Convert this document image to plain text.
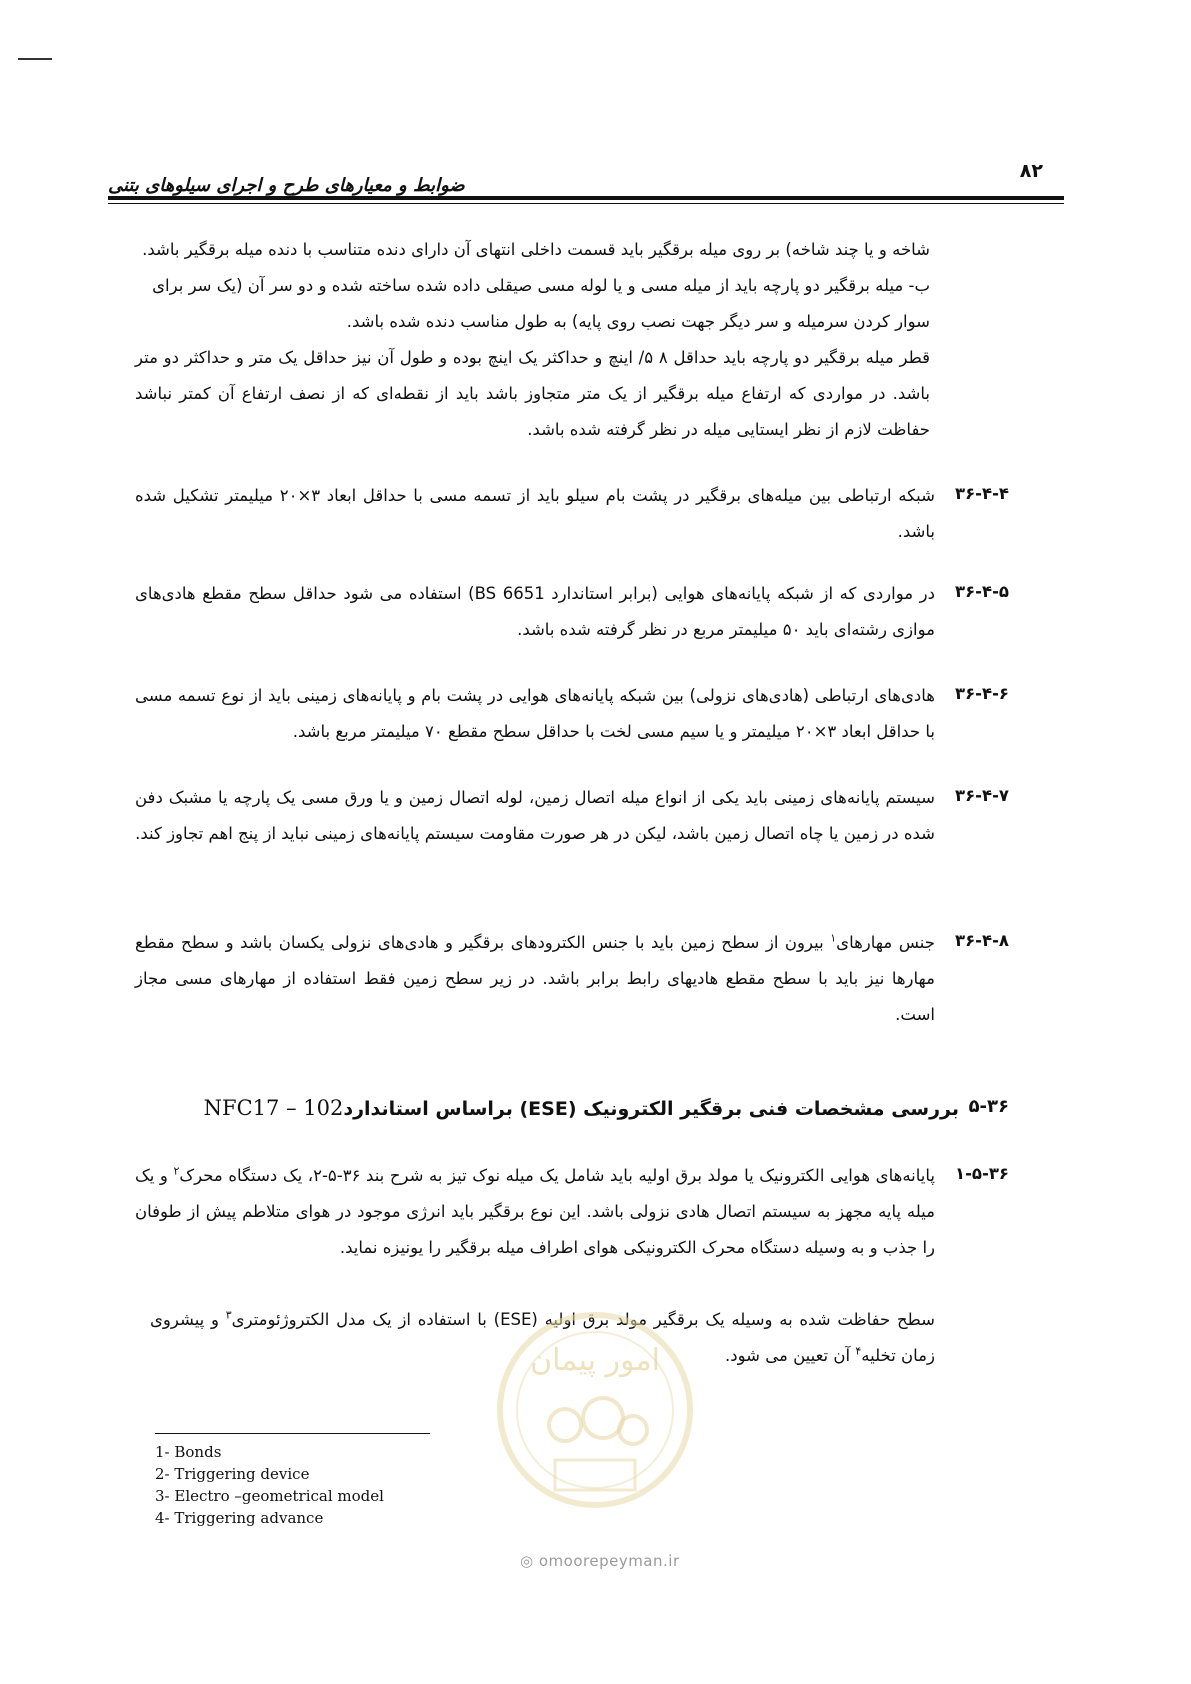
۸۲
ضوابط و معیارهای طرح و اجرای سیلوهای بتنی
شاخه و یا چند شاخه) بر روی میله برقگیر باید قسمت داخلی انتهای آن دارای دنده متناسب با دنده میله برقگیر باشد.
ب- میله برقگیر دو پارچه باید از میله مسی و یا لوله مسی صیقلی داده شده ساخته شده و دو سر آن (یک سر برای
سوار کردن سرمیله و سر دیگر جهت نصب روی پایه) به طول مناسب دنده شده باشد.
قطر میله برقگیر دو پارچه باید حداقل ۸ ۵/ اینچ و حداکثر یک اینچ بوده و طول آن نیز حداقل یک متر و حداکثر دو متر باشد. در مواردی که ارتفاع میله برقگیر از یک متر متجاوز باشد باید از نقطه‌ای که از نصف ارتفاع آن کمتر نباشد حفاظت لازم از نظر ایستایی میله در نظر گرفته شده باشد.
۳۶-۴-۴
شبکه ارتباطی بین میله‌های برقگیر در پشت بام سیلو باید از تسمه مسی با حداقل ابعاد ۳×۲۰ میلیمتر تشکیل شده باشد.
۳۶-۴-۵
در مواردی که از شبکه پایانه‌های هوایی (برابر استاندارد BS 6651) استفاده می شود حداقل سطح مقطع هادی‌های موازی رشته‌ای باید ۵۰ میلیمتر مربع در نظر گرفته شده باشد.
۳۶-۴-۶
هادی‌های ارتباطی (هادی‌های نزولی) بین شبکه پایانه‌های هوایی در پشت بام و پایانه‌های زمینی باید از نوع تسمه مسی با حداقل ابعاد ۳×۲۰ میلیمتر و یا سیم مسی لخت با حداقل سطح مقطع ۷۰ میلیمتر مربع باشد.
۳۶-۴-۷
سیستم پایانه‌های زمینی باید یکی از انواع میله اتصال زمین، لوله اتصال زمین و یا ورق مسی یک پارچه یا مشبک دفن شده در زمین یا چاه اتصال زمین باشد، لیکن در هر صورت مقاومت سیستم پایانه‌های زمینی نباید از پنج اهم تجاوز کند.
۳۶-۴-۸
جنس مهارهای$^۱$ بیرون از سطح زمین باید با جنس الکترودهای برقگیر و هادی‌های نزولی یکسان باشد و سطح مقطع مهارها نیز باید با سطح مقطع هادیهای رابط برابر باشد. در زیر سطح زمین فقط استفاده از مهارهای مسی مجاز است.
۵-۳۶
بررسی مشخصات فنی برقگیر الکترونیک (ESE) براساس استانداردNFC17 – 102
۱-۵-۳۶
پایانه‌های هوایی الکترونیک یا مولد برق اولیه باید شامل یک میله نوک تیز به شرح بند ۳۶-۵-۲، یک دستگاه محرک$^۲$ و یک میله پایه مجهز به سیستم اتصال هادی نزولی باشد. این نوع برقگیر باید انرژی موجود در هوای متلاطم پیش از طوفان را جذب و به وسیله دستگاه محرک الکترونیکی هوای اطراف میله برقگیر را یونیزه نماید.
سطح حفاظت شده به وسیله یک برقگیر مولد برق اولیه (ESE) با استفاده از یک مدل الکتروژئومتری$^۳$ و پیشروی زمان تخلیه$^۴$ آن تعیین می شود.
امور پیمان
◎ omoorepeyman.ir
1- Bonds
2- Triggering device
3- Electro –geometrical model
4- Triggering advance
